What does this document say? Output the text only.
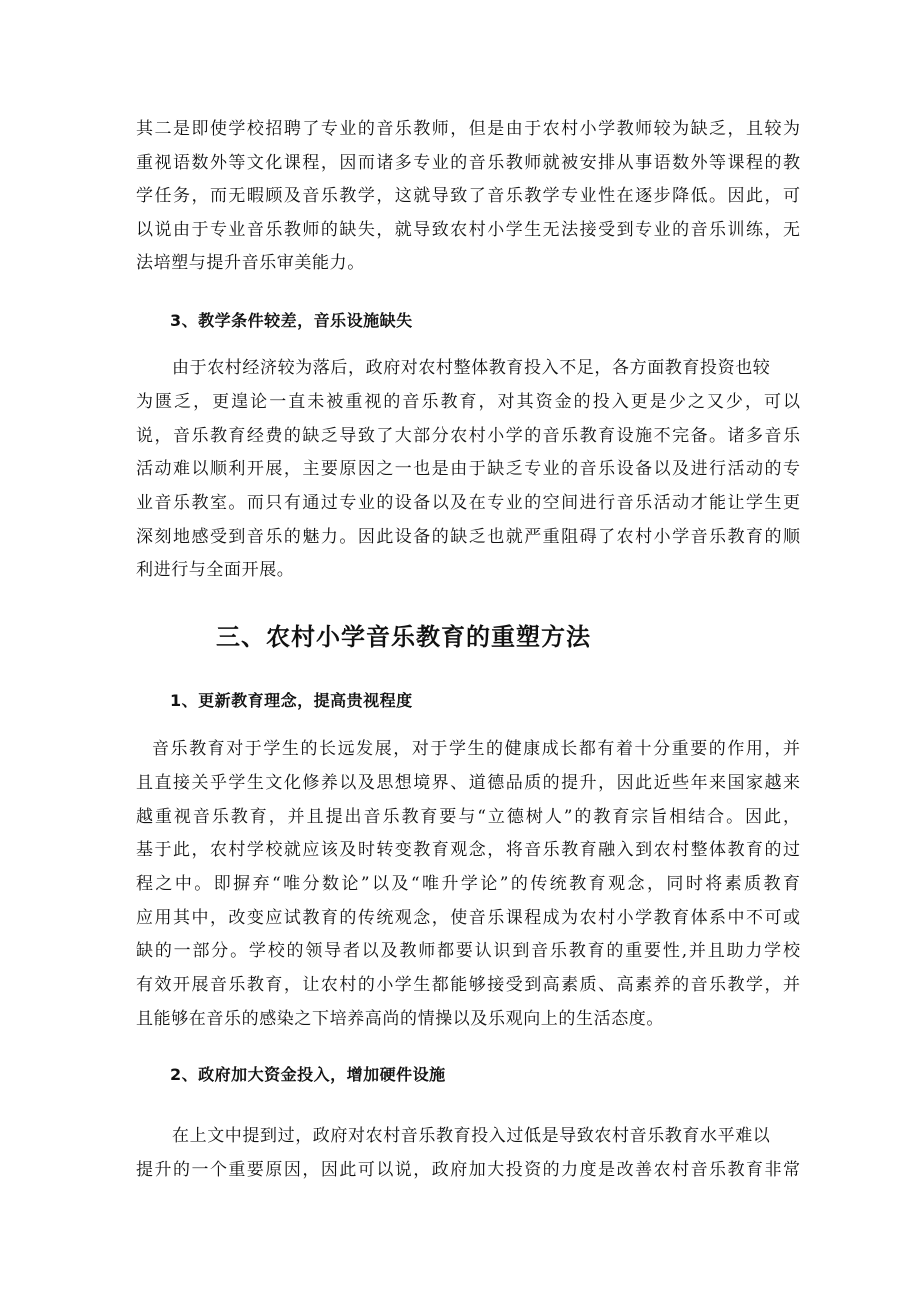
其二是即使学校招聘了专业的音乐教师，但是由于农村小学教师较为缺乏，且较为

重视语数外等文化课程，因而诸多专业的音乐教师就被安排从事语数外等课程的教

学任务，而无暇顾及音乐教学，这就导致了音乐教学专业性在逐步降低。因此，可

以说由于专业音乐教师的缺失，就导致农村小学生无法接受到专业的音乐训练，无

法培塑与提升音乐审美能力。

3、教学条件较差，音乐设施缺失

由于农村经济较为落后，政府对农村整体教育投入不足，各方面教育投资也较

为匮乏，更遑论一直未被重视的音乐教育，对其资金的投入更是少之又少，可以

说，音乐教育经费的缺乏导致了大部分农村小学的音乐教育设施不完备。诸多音乐

活动难以顺利开展，主要原因之一也是由于缺乏专业的音乐设备以及进行活动的专

业音乐教室。而只有通过专业的设备以及在专业的空间进行音乐活动才能让学生更

深刻地感受到音乐的魅力。因此设备的缺乏也就严重阻碍了农村小学音乐教育的顺

利进行与全面开展。

三、农村小学音乐教育的重塑方法
1、更新教育理念，提高贵视程度

音乐教育对于学生的长远发展，对于学生的健康成长都有着十分重要的作用，并

且直接关乎学生文化修养以及思想境界、道德品质的提升，因此近些年来国家越来

越重视音乐教育，并且提出音乐教育要与“立德树人”的教育宗旨相结合。因此，

基于此，农村学校就应该及时转变教育观念，将音乐教育融入到农村整体教育的过

程之中。即摒弃“唯分数论”以及“唯升学论”的传统教育观念，同时将素质教育

应用其中，改变应试教育的传统观念，使音乐课程成为农村小学教育体系中不可或

缺的一部分。学校的领导者以及教师都要认识到音乐教育的重要性,并且助力学校

有效开展音乐教育，让农村的小学生都能够接受到高素质、高素养的音乐教学，并

且能够在音乐的感染之下培养高尚的情操以及乐观向上的生活态度。

2、政府加大资金投入，增加硬件设施

在上文中提到过，政府对农村音乐教育投入过低是导致农村音乐教育水平难以

提升的一个重要原因，因此可以说，政府加大投资的力度是改善农村音乐教育非常
